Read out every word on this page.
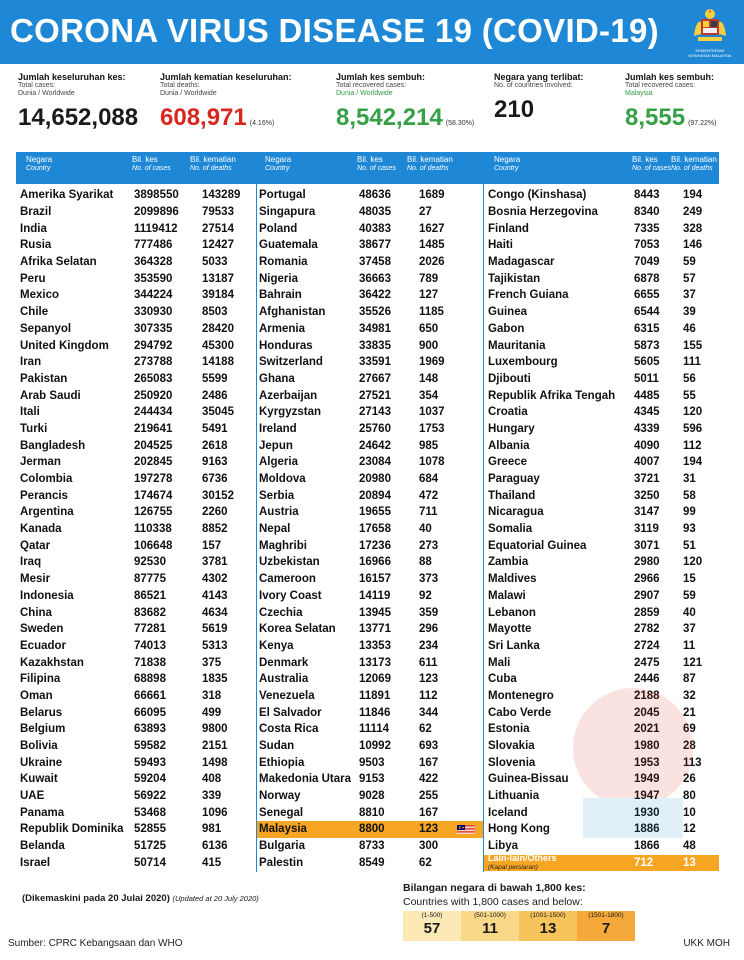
CORONA VIRUS DISEASE 19 (COVID-19)
KEMENTERIAN KESIHATAN MALAYSIA
Jumlah keseluruhan kes:
Total cases:
Dunia / Worldwide
14,652,088
Jumlah kematian keseluruhan:
Total deaths:
Dunia / Worldwide
608,971 (4.16%)
Jumlah kes sembuh:
Total recovered cases:
Dunia / Worldwide
8,542,214 (58.30%)
Negara yang terlibat:
No. of countries involved:
210
Jumlah kes sembuh:
Total recovered cases:
Malaysia
8,555 (97.22%)
Negara
Country
Bil. kes
No. of cases
Bil. kematian
No. of deaths
Amerika Syarikat 3898550 143289
Brazil	2099896 79533
India	1119412 27514
Rusia	777486	12427
Afrika Selatan	364328	5033
Peru	353590	13187
Mexico	344224	39184
Chile	330930	8503
Sepanyol	307335	28420
United Kingdom 294792	45300
Iran	273788	14188
Pakistan	265083	5599
Arab Saudi	250920	2486
Itali	244434	35045
Turki	219641	5491
Bangladesh	204525	2618
Jerman	202845	9163
Colombia	197278	6736
Perancis	174674	30152
Argentina	126755	2260
Kanada	110338	8852
Qatar	106648	157
Iraq	92530	3781
Mesir	87775	4302
Indonesia	86521	4143
China	83682	4634
Sweden	77281	5619
Ecuador	74013	5313
Kazakhstan	71838	375
Filipina	68898	1835
Oman	66661	318
Belarus	66095	499
Belgium	63893	9800
Bolivia	59582	2151
Ukraine	59493	1498
Kuwait	59204	408
UAE	56922	339
Panama	53468	1096
Republik Dominika 52855	981
Belanda	51725	6136
Israel	50714	415
Negara
Country
Bil. kes
No. of cases
Bil. kematian
No. of deaths
Portugal	48636 1689
Singapura	48035 27
Poland	40383 1627
Guatemala	38677 1485
Romania	37458 2026
Nigeria	36663 789
Bahrain	36422 127
Afghanistan	35526 1185
Armenia	34981 650
Honduras	33835 900
Switzerland	33591 1969
Ghana	27667 148
Azerbaijan	27521 354
Kyrgyzstan	27143 1037
Ireland	25760 1753
Jepun	24642 985
Algeria	23084 1078
Moldova	20980 684
Serbia	20894 472
Austria	19655 711
Nepal	17658 40
Maghribi	17236 273
Uzbekistan	16966 88
Cameroon	16157 373
Ivory Coast	14119 92
Czechia	13945 359
Korea Selatan 13771 296
Kenya	13353 234
Denmark	13173 611
Australia	12069 123
Venezuela	11891 112
El Salvador	11846 344
Costa Rica	11114	62
Sudan	10992 693
Ethiopia	9503	167
Makedonia Utara 9153	422
Norway	9028	255
Senegal	8810	167
Malaysia	8800	123
Bulgaria	8733	300
Palestin	8549	62
Negara
Country
Bil. kes
No. of cases
Bil. kematian
No. of deaths
Congo (Kinshasa)	8443 194
Bosnia Herzegovina	8340 249
Finland	7335 328
Haiti	7053 146
Madagascar	7049 59
Tajikistan	6878 57
French Guiana	6655 37
Guinea	6544 39
Gabon	6315 46
Mauritania	5873 155
Luxembourg	5605 111
Djibouti	5011 56
Republik Afrika Tengah 4485 55
Croatia	4345 120
Hungary	4339 596
Albania	4090 112
Greece	4007 194
Paraguay	3721 31
Thailand	3250 58
Nicaragua	3147 99
Somalia	3119 93
Equatorial Guinea	3071 51
Zambia	2980 120
Maldives	2966 15
Malawi	2907 59
Lebanon	2859 40
Mayotte	2782 37
Sri Lanka	2724 11
Mali	2475 121
Cuba	2446 87
Montenegro	2188 32
Cabo Verde	2045 21
Estonia	2021 69
Slovakia	1980 28
Slovenia	1953 113
Guinea-Bissau	1949 26
Lithuania	1947 80
Iceland	1930 10
Hong Kong	1886 12
Libya	1866 48
Lain-lain/Others
(Kapal persiaran)	712	13
(Dikemaskini pada 20 Julai 2020) (Updated at 20 July 2020)
Bilangan negara di bawah 1,800 kes:
Countries with 1,800 cases and below:
(1-500)
57
(501-1000)
11
(1001-1500)
13
(1501-1800)
7
Sumber: CPRC Kebangsaan dan WHO	UKK MOH
